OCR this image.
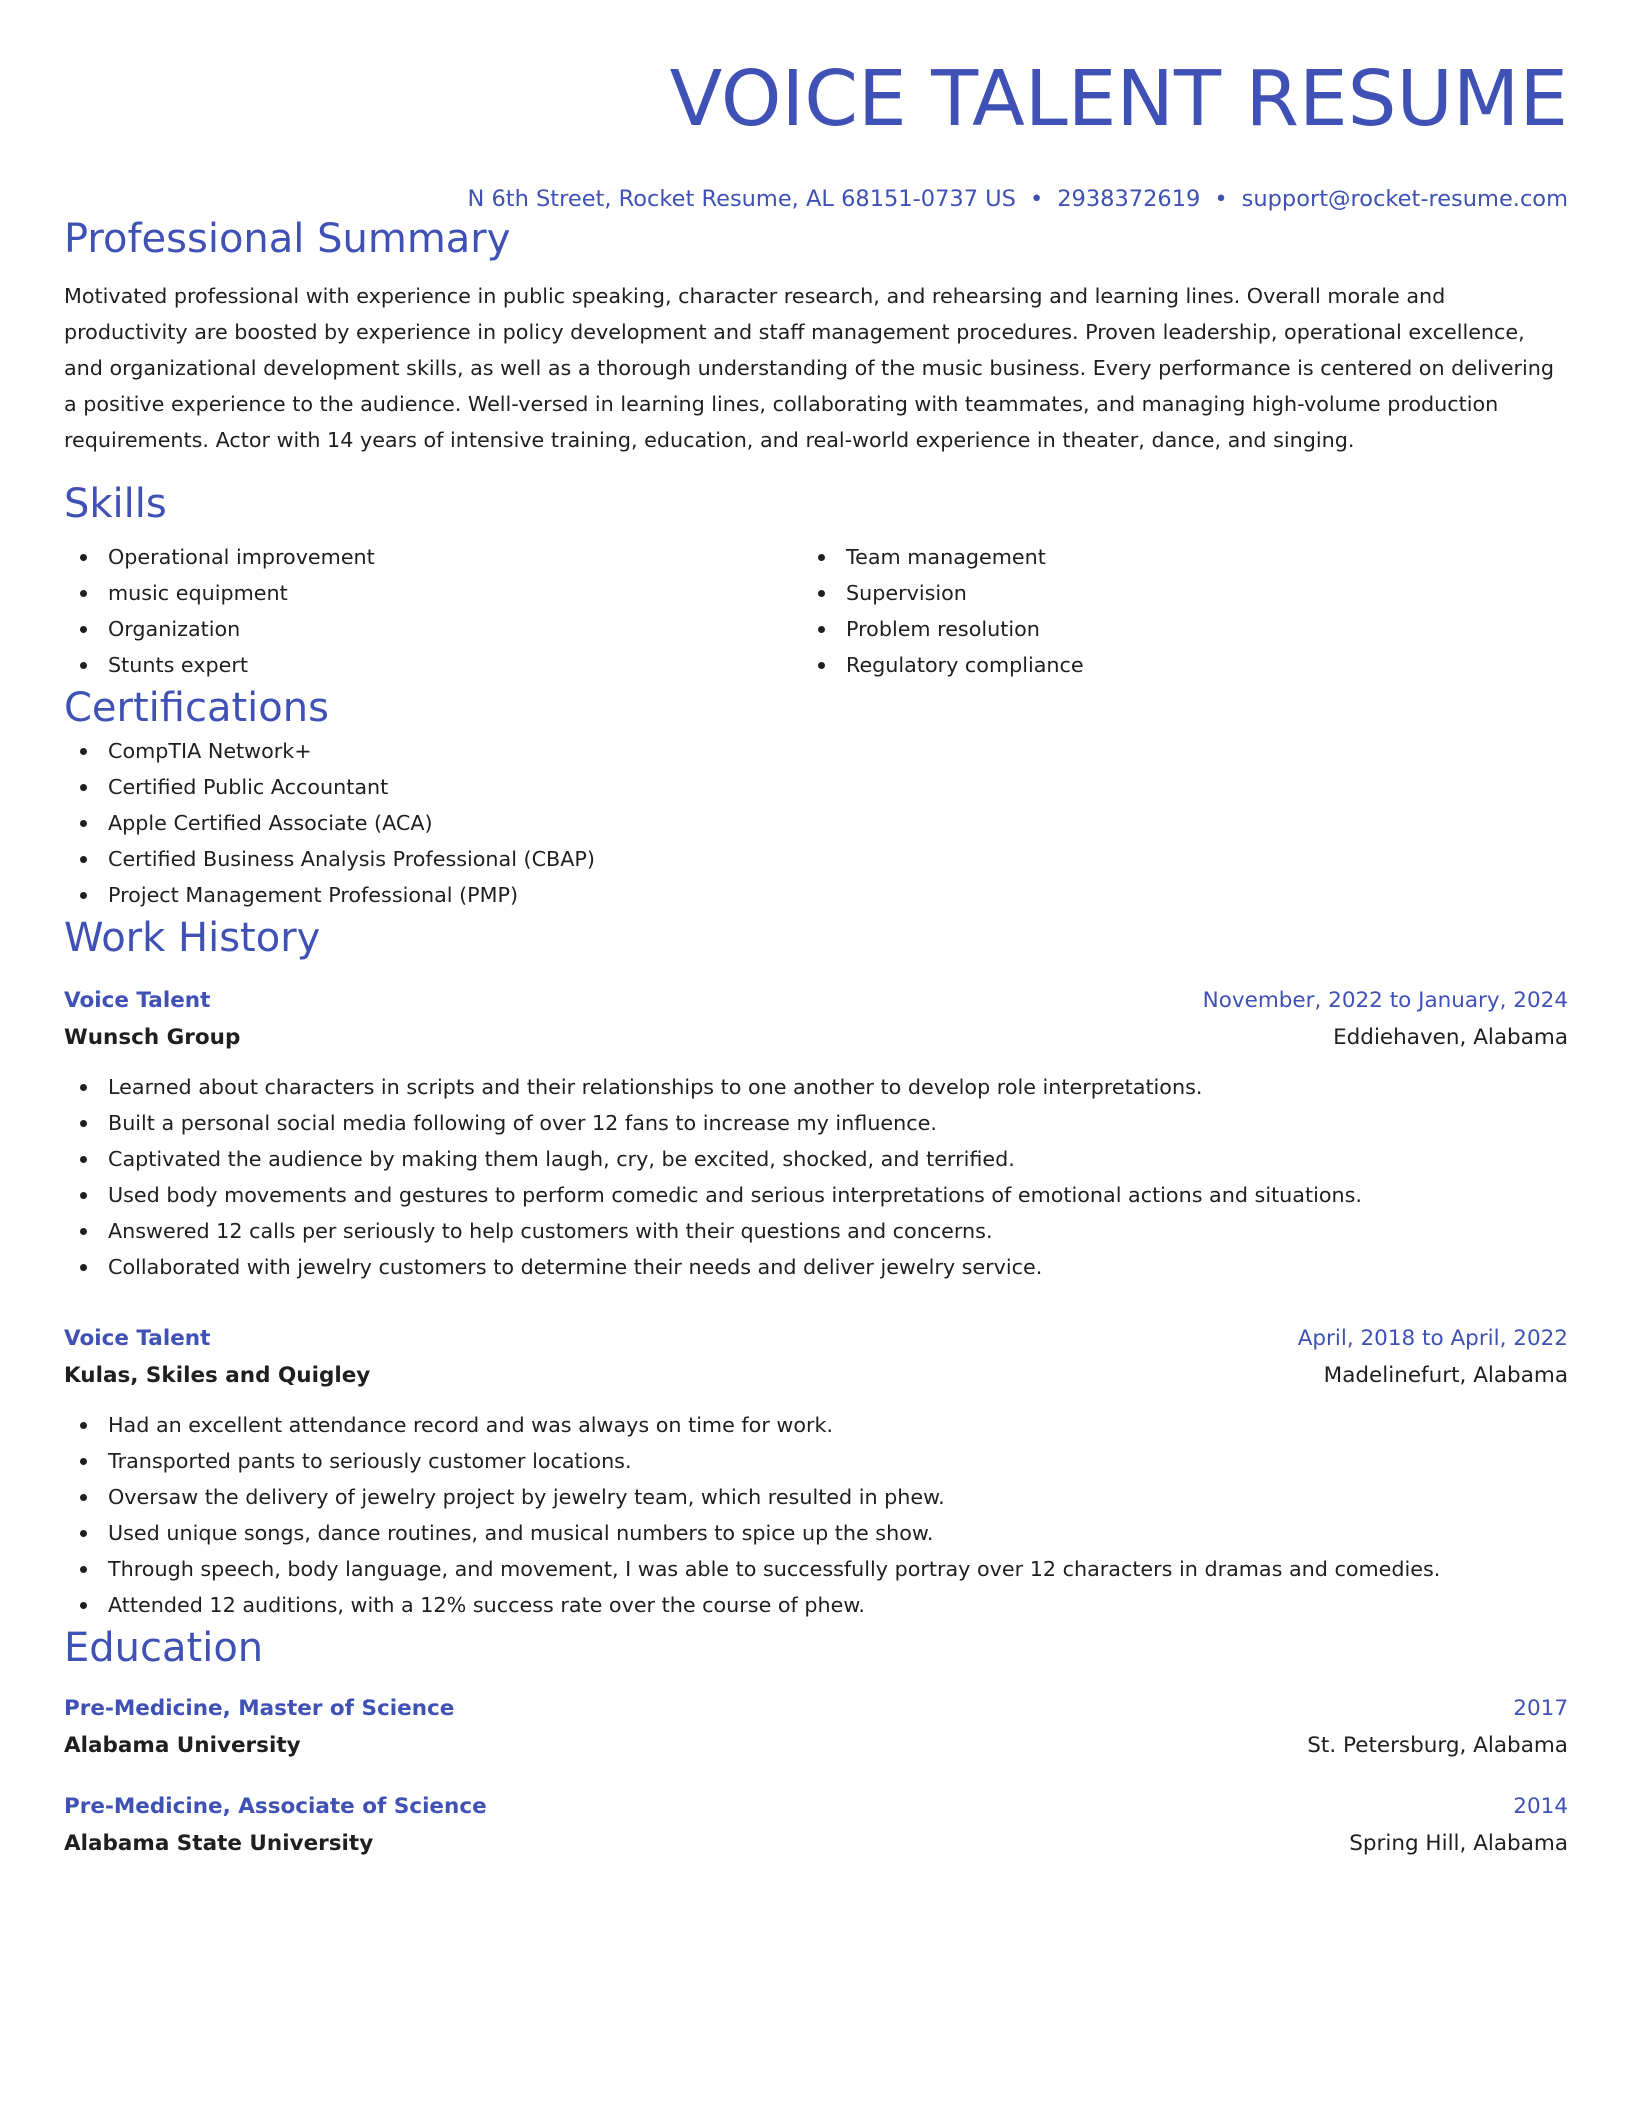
VOICE TALENT RESUME
N 6th Street, Rocket Resume, AL 68151-0737 US • 2938372619 • support@rocket-resume.com
Professional Summary

Motivated professional with experience in public speaking, character research, and rehearsing and learning lines. Overall morale and productivity are boosted by experience in policy development and staff management procedures. Proven leadership, operational excellence, and organizational development skills, as well as a thorough understanding of the music business. Every performance is centered on delivering a positive experience to the audience. Well-versed in learning lines, collaborating with teammates, and managing high-volume production requirements. Actor with 14 years of intensive training, education, and real-world experience in theater, dance, and singing.

Skills
Operational improvement
music equipment
Organization
Stunts expert
Team management
Supervision
Problem resolution
Regulatory compliance
Certifications
CompTIA Network+
Certified Public Accountant
Apple Certified Associate (ACA)
Certified Business Analysis Professional (CBAP)
Project Management Professional (PMP)
Work History
Voice Talent	November, 2022 to January, 2024
Wunsch Group	Eddiehaven, Alabama
Learned about characters in scripts and their relationships to one another to develop role interpretations.
Built a personal social media following of over 12 fans to increase my influence.
Captivated the audience by making them laugh, cry, be excited, shocked, and terrified.
Used body movements and gestures to perform comedic and serious interpretations of emotional actions and situations.
Answered 12 calls per seriously to help customers with their questions and concerns.
Collaborated with jewelry customers to determine their needs and deliver jewelry service.
Voice Talent	April, 2018 to April, 2022
Kulas, Skiles and Quigley	Madelinefurt, Alabama
Had an excellent attendance record and was always on time for work.
Transported pants to seriously customer locations.
Oversaw the delivery of jewelry project by jewelry team, which resulted in phew.
Used unique songs, dance routines, and musical numbers to spice up the show.
Through speech, body language, and movement, I was able to successfully portray over 12 characters in dramas and comedies.
Attended 12 auditions, with a 12% success rate over the course of phew.
Education
Pre-Medicine, Master of Science	2017
Alabama University	St. Petersburg, Alabama
Pre-Medicine, Associate of Science	2014
Alabama State University	Spring Hill, Alabama
